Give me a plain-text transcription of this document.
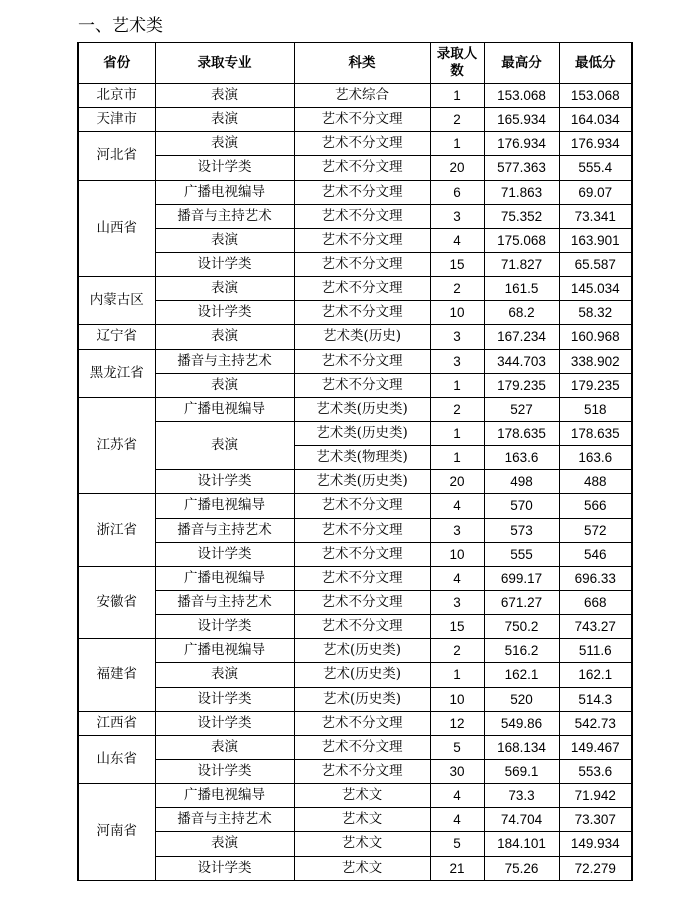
一、艺术类
省份	录取专业	科类	录取人数	最高分	最低分
北京市	表演	艺术综合	1	153.068	153.068
天津市	表演	艺术不分文理	2	165.934	164.034
河北省	表演	艺术不分文理	1	176.934	176.934
	设计学类	艺术不分文理	20	577.363	555.4
山西省	广播电视编导	艺术不分文理	6	71.863	69.07
	播音与主持艺术	艺术不分文理	3	75.352	73.341
	表演	艺术不分文理	4	175.068	163.901
	设计学类	艺术不分文理	15	71.827	65.587
内蒙古区	表演	艺术不分文理	2	161.5	145.034
	设计学类	艺术不分文理	10	68.2	58.32
辽宁省	表演	艺术类(历史)	3	167.234	160.968
黑龙江省	播音与主持艺术	艺术不分文理	3	344.703	338.902
	表演	艺术不分文理	1	179.235	179.235
江苏省	广播电视编导	艺术类(历史类)	2	527	518
	表演	艺术类(历史类)	1	178.635	178.635
		艺术类(物理类)	1	163.6	163.6
	设计学类	艺术类(历史类)	20	498	488
浙江省	广播电视编导	艺术不分文理	4	570	566
	播音与主持艺术	艺术不分文理	3	573	572
	设计学类	艺术不分文理	10	555	546
安徽省	广播电视编导	艺术不分文理	4	699.17	696.33
	播音与主持艺术	艺术不分文理	3	671.27	668
	设计学类	艺术不分文理	15	750.2	743.27
福建省	广播电视编导	艺术(历史类)	2	516.2	511.6
	表演	艺术(历史类)	1	162.1	162.1
	设计学类	艺术(历史类)	10	520	514.3
江西省	设计学类	艺术不分文理	12	549.86	542.73
山东省	表演	艺术不分文理	5	168.134	149.467
	设计学类	艺术不分文理	30	569.1	553.6
河南省	广播电视编导	艺术文	4	73.3	71.942
	播音与主持艺术	艺术文	4	74.704	73.307
	表演	艺术文	5	184.101	149.934
	设计学类	艺术文	21	75.26	72.279
